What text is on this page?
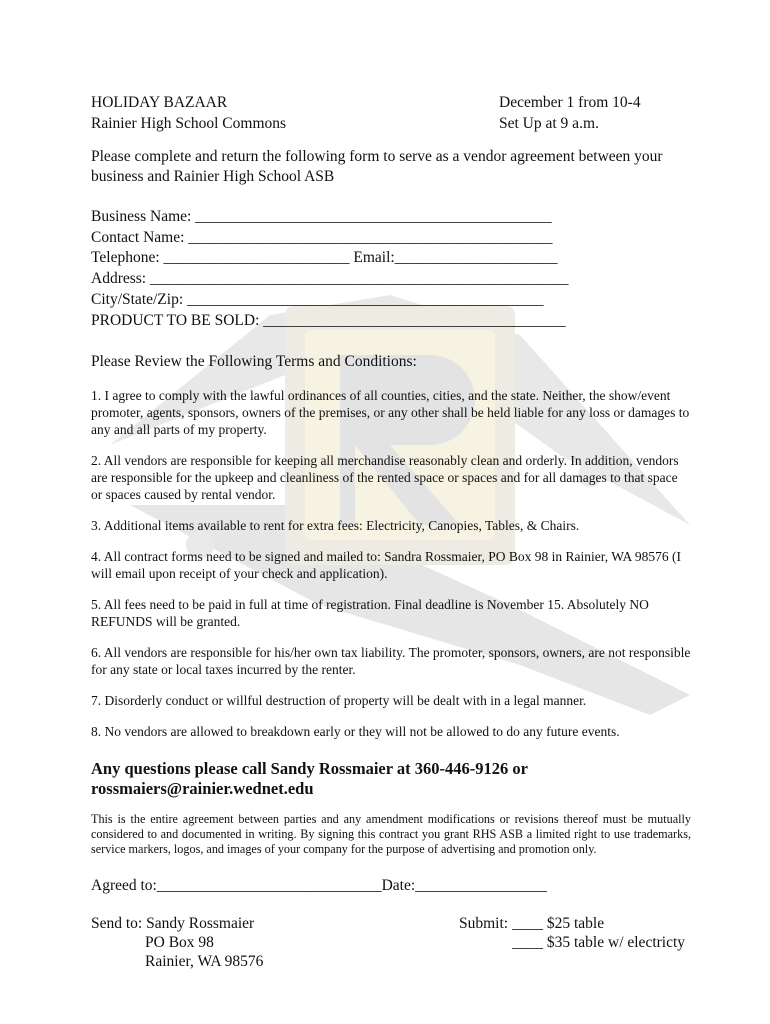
HOLIDAY BAZAAR
Rainier High School Commons
December 1 from 10-4
Set Up at 9 a.m.
Please complete and return the following form to serve as a vendor agreement between your business and Rainier High School ASB
Business Name: ______________________________________________
Contact Name: _______________________________________________
Telephone: ________________________ Email:_____________________
Address: ______________________________________________________
City/State/Zip: ______________________________________________
PRODUCT TO BE SOLD: _______________________________________
Please Review the Following Terms and Conditions:
1. I agree to comply with the lawful ordinances of all counties, cities, and the state. Neither, the show/event promoter, agents, sponsors, owners of the premises, or any other shall be held liable for any loss or damages to any and all parts of my property.
2. All vendors are responsible for keeping all merchandise reasonably clean and orderly. In addition, vendors are responsible for the upkeep and cleanliness of the rented space or spaces and for all damages to that space or spaces caused by rental vendor.
3. Additional items available to rent for extra fees: Electricity, Canopies, Tables, & Chairs.
4. All contract forms need to be signed and mailed to: Sandra Rossmaier, PO Box 98 in Rainier, WA 98576 (I will email upon receipt of your check and application).
5. All fees need to be paid in full at time of registration. Final deadline is November 15. Absolutely NO REFUNDS will be granted.
6. All vendors are responsible for his/her own tax liability. The promoter, sponsors, owners, are not responsible for any state or local taxes incurred by the renter.
7. Disorderly conduct or willful destruction of property will be dealt with in a legal manner.
8. No vendors are allowed to breakdown early or they will not be allowed to do any future events.
Any questions please call Sandy Rossmaier at 360-446-9126 or rossmaiers@rainier.wednet.edu
This is the entire agreement between parties and any amendment modifications or revisions thereof must be mutually considered to and documented in writing. By signing this contract you grant RHS ASB a limited right to use trademarks, service markers, logos, and images of your company for the purpose of advertising and promotion only.
Agreed to:_____________________________Date:_________________
Send to: Sandy Rossmaier
PO Box 98
Rainier, WA 98576
Submit: ____ $25 table
____ $35 table w/ electricty
